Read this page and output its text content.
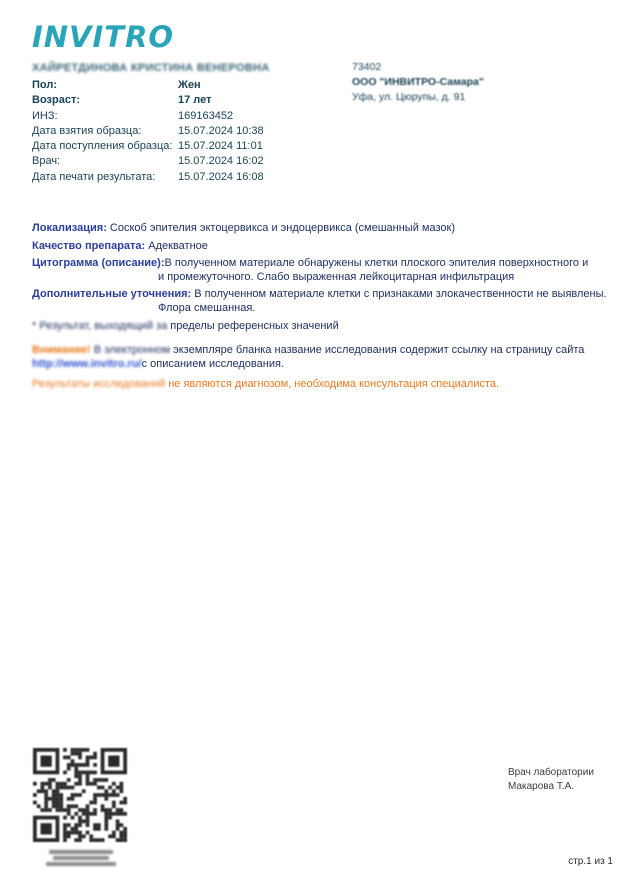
INVITRO
ХАЙРЕТДИНОВА КРИСТИНА ВЕНЕРОВНА
Пол:	Жен
Возраст:	17 лет
ИНЗ:	169163452
Дата взятия образца:	15.07.2024 10:38
Дата поступления образца: 15.07.2024 11:01
Врач:	15.07.2024 16:02
Дата печати результата: 15.07.2024 16:08
73402
ООО "ИНВИТРО-Самара"
Уфа, ул. Цюрупы, д. 91
Локализация: Соскоб эпителия эктоцервикса и эндоцервикса (смешанный мазок)
Качество препарата: Адекватное
Цитограмма (описание):В полученном материале обнаружены клетки плоского эпителия поверхностного и
и промежуточного. Слабо выраженная лейкоцитарная инфильтрация
Дополнительные уточнения: В полученном материале клетки с признаками злокачественности не выявлены.
Флора смешанная.
* Результат, выходящий за пределы референсных значений
Внимание! В электронном экземпляре бланка название исследования содержит ссылку на страницу сайта
http://www.invitro.ru/с описанием исследования.
Результаты исследований не являются диагнозом, необходима консультация специалиста.
Врач лаборатории
Макарова Т.А.
стр.1 из 1
